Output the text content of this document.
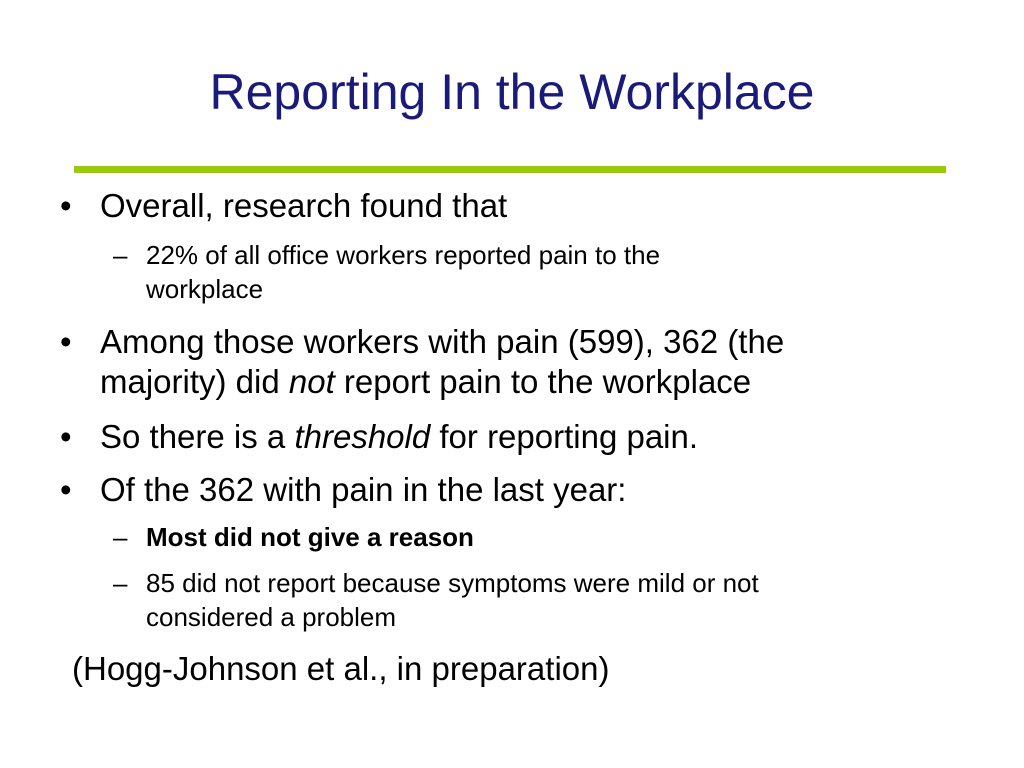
Reporting In the Workplace
• Overall, research found that
– 22% of all office workers reported pain to the
workplace
• Among those workers with pain (599), 362 (the
majority) did not report pain to the workplace
• So there is a threshold for reporting pain.
• Of the 362 with pain in the last year:
– Most did not give a reason
– 85 did not report because symptoms were mild or not
considered a problem
(Hogg-Johnson et al., in preparation)
